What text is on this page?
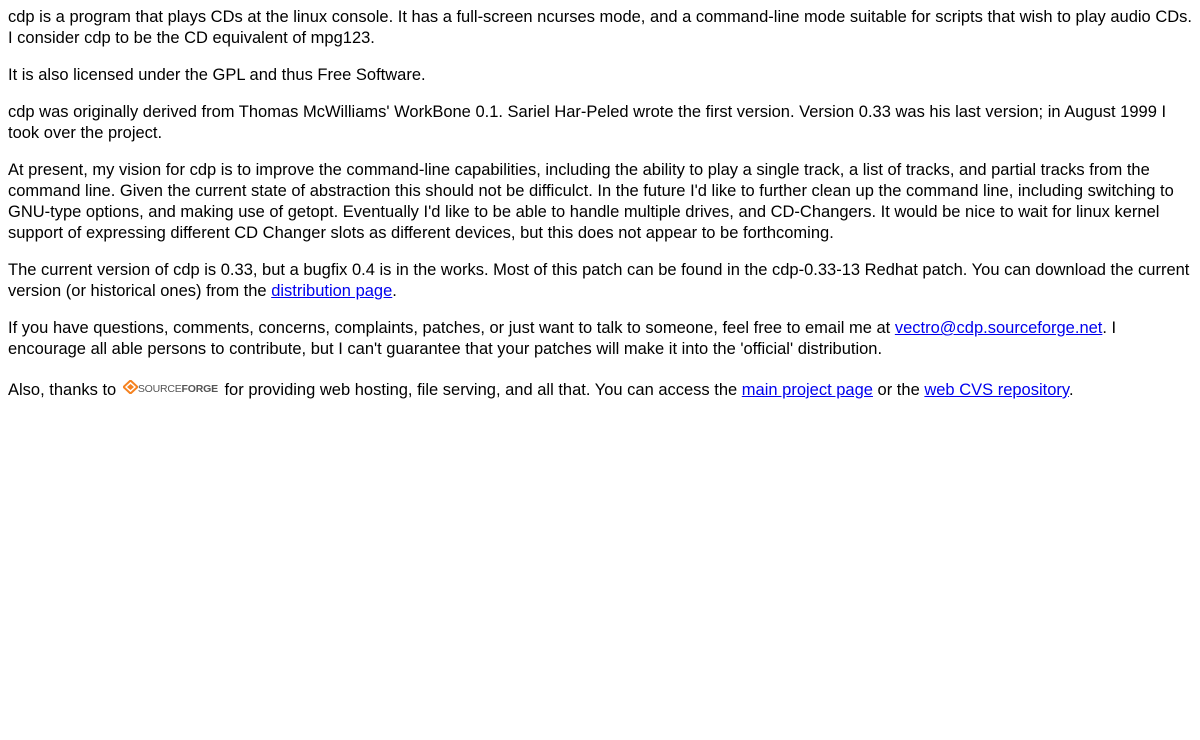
cdp is a program that plays CDs at the linux console. It has a full-screen ncurses mode, and a command-line mode suitable for scripts that wish to play audio CDs. I consider cdp to be the CD equivalent of mpg123.

It is also licensed under the GPL and thus Free Software.

cdp was originally derived from Thomas McWilliams' WorkBone 0.1. Sariel Har-Peled wrote the first version. Version 0.33 was his last version; in August 1999 I took over the project.

At present, my vision for cdp is to improve the command-line capabilities, including the ability to play a single track, a list of tracks, and partial tracks from the command line. Given the current state of abstraction this should not be difficulct. In the future I'd like to further clean up the command line, including switching to GNU-type options, and making use of getopt. Eventually I'd like to be able to handle multiple drives, and CD-Changers. It would be nice to wait for linux kernel support of expressing different CD Changer slots as different devices, but this does not appear to be forthcoming.

The current version of cdp is 0.33, but a bugfix 0.4 is in the works. Most of this patch can be found in the cdp-0.33-13 Redhat patch. You can download the current version (or historical ones) from the distribution page.

If you have questions, comments, concerns, complaints, patches, or just want to talk to someone, feel free to email me at vectro@cdp.sourceforge.net. I encourage all able persons to contribute, but I can't guarantee that your patches will make it into the 'official' distribution.

Also, thanks to SOURCEFORGE for providing web hosting, file serving, and all that. You can access the main project page or the web CVS repository.
